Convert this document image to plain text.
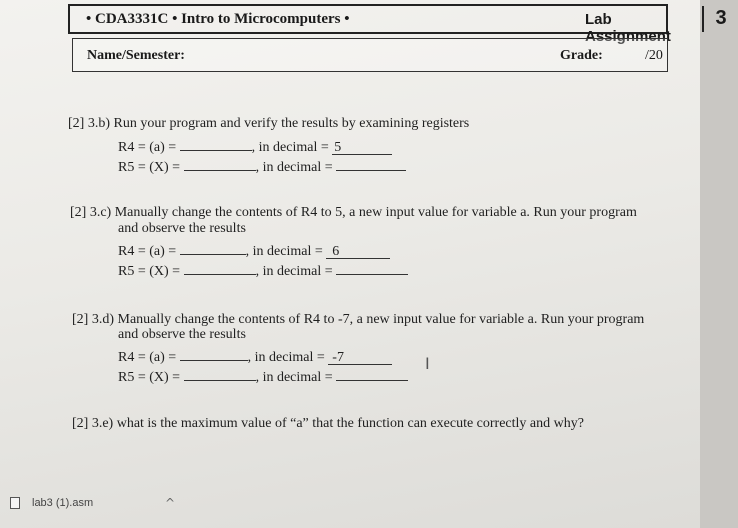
• CDA3331C • Intro to Microcomputers •	Lab Assignment
3
Name/Semester:	Grade:	/20
[2] 3.b) Run your program and verify the results by examining registers
R4 = (a) =	, in decimal = 5
R5 = (X) =	, in decimal =
[2] 3.c) Manually change the contents of R4 to 5, a new input value for variable a. Run your program
and observe the results
R4 = (a) =	, in decimal = 6
R5 = (X) =	, in decimal =
[2] 3.d) Manually change the contents of R4 to -7, a new input value for variable a. Run your program
and observe the results
R4 = (a) =	, in decimal = -7
R5 = (X) =	, in decimal =
I
[2] 3.e) what is the maximum value of “a” that the function can execute correctly and why?
lab3 (1).asm	^
